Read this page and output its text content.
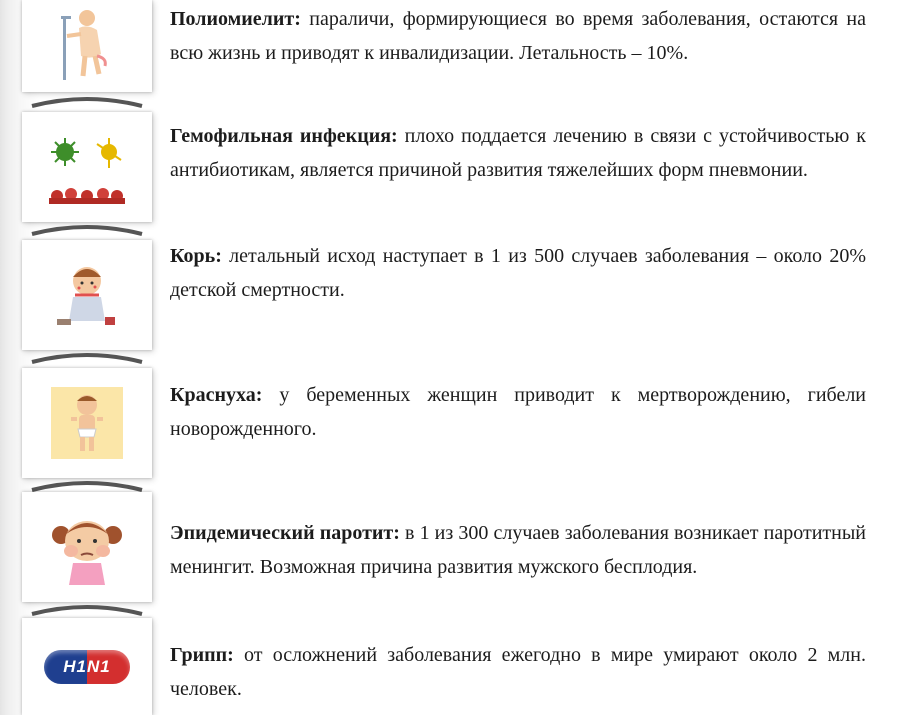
H1N1
Полиомиелит: параличи, формирующиеся во время заболевания, остаются на всю жизнь и приводят к инвалидизации. Летальность – 10%.
Гемофильная инфекция: плохо поддается лечению в связи с устойчивостью к антибиотикам, является причиной развития тяжелейших форм пневмонии.
Корь: летальный исход наступает в 1 из 500 случаев заболевания – около 20% детской смертности.
Краснуха: у беременных женщин приводит к мертворождению, гибели новорожденного.
Эпидемический паротит: в 1 из 300 случаев заболевания возникает паротитный менингит. Возможная причина развития мужского бесплодия.
Грипп: от осложнений заболевания ежегодно в мире умирают около 2 млн. человек.
